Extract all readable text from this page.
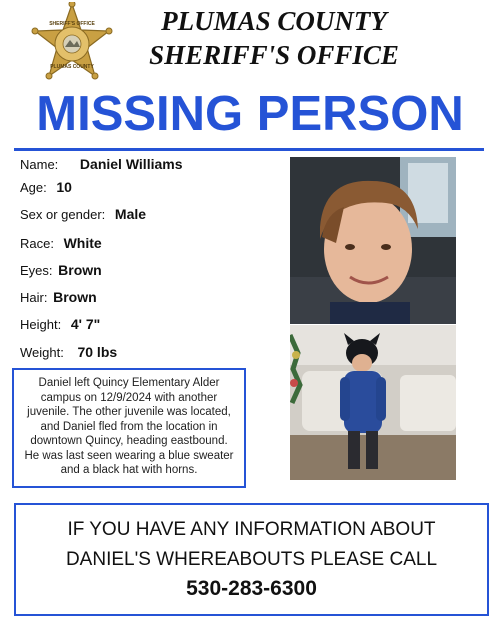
SHERIFF'S OFFICE
PLUMAS COUNTY
PLUMAS COUNTY
SHERIFF'S OFFICE
MISSING PERSON
Name: Daniel Williams
Age: 10
Sex or gender: Male
Race: White
Eyes: Brown
Hair: Brown
Height: 4' 7"
Weight: 70 lbs
Daniel left Quincy Elementary Alder
campus on 12/9/2024 with another
juvenile. The other juvenile was located,
and Daniel fled from the location in
downtown Quincy, heading eastbound.
He was last seen wearing a blue sweater
and a black hat with horns.
IF YOU HAVE ANY INFORMATION ABOUT
DANIEL'S WHEREABOUTS PLEASE CALL
530-283-6300
